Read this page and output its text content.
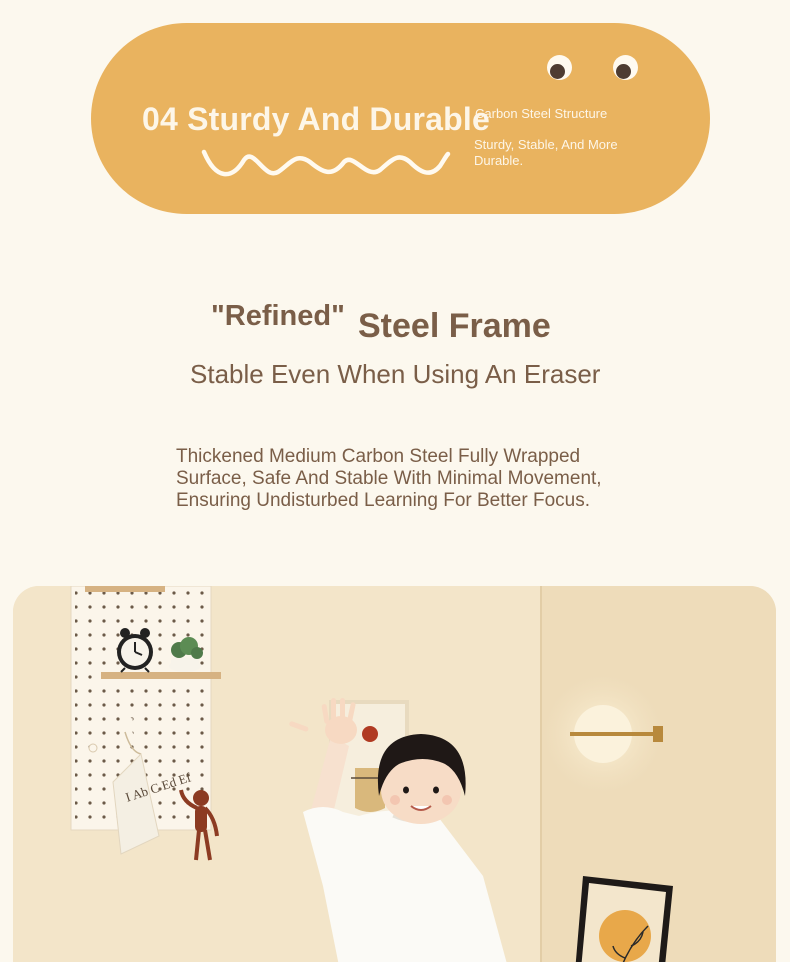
04 Sturdy And Durable
Carbon Steel Structure
Sturdy, Stable, And More Durable.
"Refined" Steel Frame
Stable Even When Using An Eraser
Thickened Medium Carbon Steel Fully Wrapped Surface, Safe And Stable With Minimal Movement, Ensuring Undisturbed Learning For Better Focus.
I Ab C Ed Ef
